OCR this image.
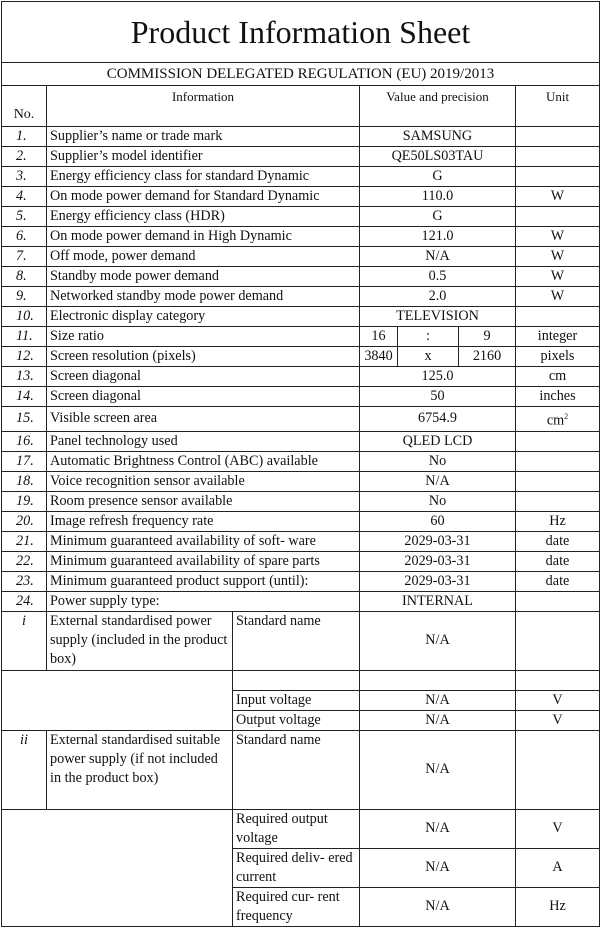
Product Information Sheet						
COMMISSION DELEGATED REGULATION (EU) 2019/2013						
No.	Information		Value and precision			Unit
1.	Supplier’s name or trade mark		SAMSUNG			
2.	Supplier’s model identifier		QE50LS03TAU			
3.	Energy efficiency class for standard Dynamic		G			
4.	On mode power demand for Standard Dynamic		110.0			W
5.	Energy efficiency class (HDR)		G			
6.	On mode power demand in High Dynamic		121.0			W
7.	Off mode, power demand		N/A			W
8.	Standby mode power demand		0.5			W
9.	Networked standby mode power demand		2.0			W
10.	Electronic display category		TELEVISION			
11.	Size ratio		16	:	9	integer
12.	Screen resolution (pixels)		3840	x	2160	pixels
13.	Screen diagonal		125.0			cm
14.	Screen diagonal		50			inches
15.	Visible screen area		6754.9			$cm^2$
16.	Panel technology used		QLED LCD			
17.	Automatic Brightness Control (ABC) available		No			
18.	Voice recognition sensor available		N/A			
19.	Room presence sensor available		No			
20.	Image refresh frequency rate		60			Hz
21.	Minimum guaranteed availability of soft- ware		2029-03-31			date
22.	Minimum guaranteed availability of spare parts		2029-03-31			date
23.	Minimum guaranteed product support (until):		2029-03-31			date
24.	Power supply type:		INTERNAL			
i	External standardised power supply (included in the product box)	Standard name	N/A			

		Input voltage	N/A			V
		Output voltage	N/A			V
ii	External standardised suitable power supply (if not included in the product box)	Standard name	N/A			
		Required output voltage	N/A			V
		Required deliv- ered current	N/A			A
		Required cur- rent frequency	N/A			Hz
